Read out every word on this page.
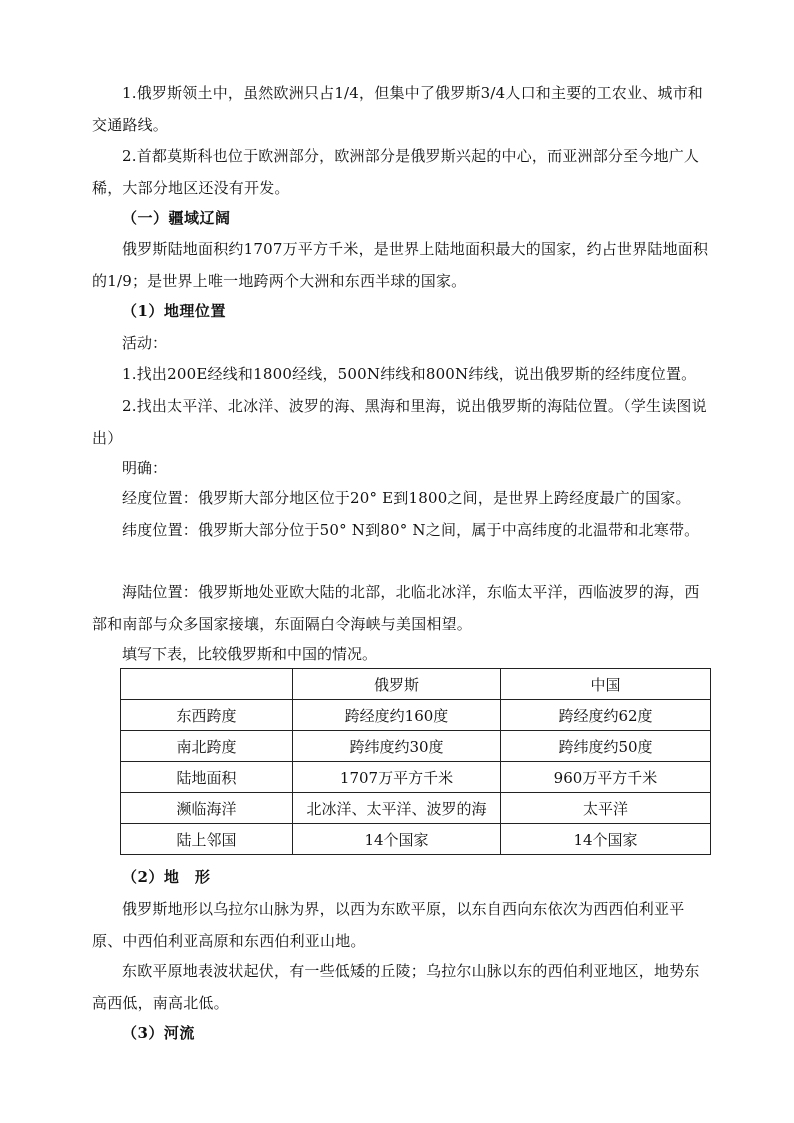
1.俄罗斯领土中，虽然欧洲只占1/4，但集中了俄罗斯3/4人口和主要的工农业、城市和交通路线。

2.首都莫斯科也位于欧洲部分，欧洲部分是俄罗斯兴起的中心，而亚洲部分至今地广人稀，大部分地区还没有开发。

（一）疆域辽阔

俄罗斯陆地面积约1707万平方千米，是世界上陆地面积最大的国家，约占世界陆地面积的1/9；是世界上唯一地跨两个大洲和东西半球的国家。

（1）地理位置

活动：

1.找出200E经线和1800经线，500N纬线和800N纬线，说出俄罗斯的经纬度位置。

2.找出太平洋、北冰洋、波罗的海、黑海和里海，说出俄罗斯的海陆位置。（学生读图说出）

明确：

经度位置：俄罗斯大部分地区位于20° E到1800之间，是世界上跨经度最广的国家。

纬度位置：俄罗斯大部分位于50° N到80° N之间，属于中高纬度的北温带和北寒带。

海陆位置：俄罗斯地处亚欧大陆的北部，北临北冰洋，东临太平洋，西临波罗的海，西部和南部与众多国家接壤，东面隔白令海峡与美国相望。

填写下表，比较俄罗斯和中国的情况。

	俄罗斯	中国
东西跨度	跨经度约160度	跨经度约62度
南北跨度	跨纬度约30度	跨纬度约50度
陆地面积	1707万平方千米	960万平方千米
濒临海洋	北冰洋、太平洋、波罗的海	太平洋
陆上邻国	14个国家	14个国家

（2）地　形

俄罗斯地形以乌拉尔山脉为界，以西为东欧平原，以东自西向东依次为西西伯利亚平原、中西伯利亚高原和东西伯利亚山地。

东欧平原地表波状起伏，有一些低矮的丘陵；乌拉尔山脉以东的西伯利亚地区，地势东高西低，南高北低。

（3）河流
